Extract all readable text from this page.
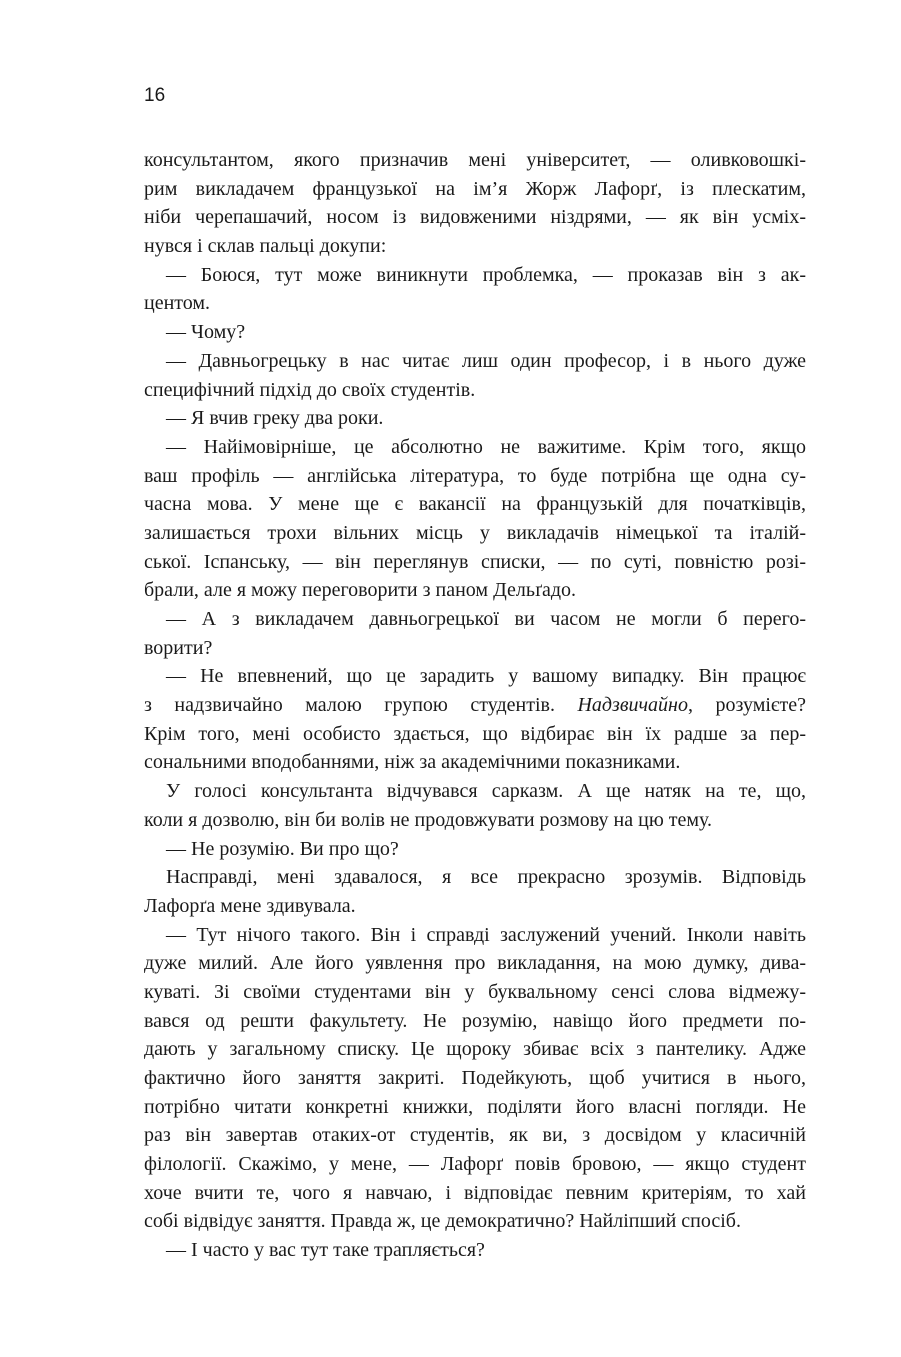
16
консультантом, якого призначив мені університет, — оливковошкі-
рим викладачем французької на ім’я Жорж Лафорґ, із плескатим,
ніби черепашачий, носом із видовженими ніздрями, — як він усміх-
нувся і склав пальці докупи:
— Боюся, тут може виникнути проблемка, — проказав він з ак-
центом.
— Чому?
— Давньогрецьку в нас читає лиш один професор, і в нього дуже
специфічний підхід до своїх студентів.
— Я вчив греку два роки.
— Найімовірніше, це абсолютно не важитиме. Крім того, якщо
ваш профіль — англійська література, то буде потрібна ще одна су-
часна мова. У мене ще є вакансії на французькій для початківців,
залишається трохи вільних місць у викладачів німецької та італій-
ської. Іспанську, — він переглянув списки, — по суті, повністю розі-
брали, але я можу переговорити з паном Дельґадо.
— А з викладачем давньогрецької ви часом не могли б перего-
ворити?
— Не впевнений, що це зарадить у вашому випадку. Він працює
з надзвичайно малою групою студентів. Надзвичайно, розумієте?
Крім того, мені особисто здається, що відбирає він їх радше за пер-
сональними вподобаннями, ніж за академічними показниками.
У голосі консультанта відчувався сарказм. А ще натяк на те, що,
коли я дозволю, він би волів не продовжувати розмову на цю тему.
— Не розумію. Ви про що?
Насправді, мені здавалося, я все прекрасно зрозумів. Відповідь
Лафорґа мене здивувала.
— Тут нічого такого. Він і справді заслужений учений. Інколи навіть
дуже милий. Але його уявлення про викладання, на мою думку, дива-
куваті. Зі своїми студентами він у буквальному сенсі слова відмежу-
вався од решти факультету. Не розумію, навіщо його предмети по-
дають у загальному списку. Це щороку збиває всіх з пантелику. Адже
фактично його заняття закриті. Подейкують, щоб учитися в нього,
потрібно читати конкретні книжки, поділяти його власні погляди. Не
раз він завертав отаких-от студентів, як ви, з досвідом у класичній
філології. Скажімо, у мене, — Лафорґ повів бровою, — якщо студент
хоче вчити те, чого я навчаю, і відповідає певним критеріям, то хай
собі відвідує заняття. Правда ж, це демократично? Найліпший спосіб.
— І часто у вас тут таке трапляється?
